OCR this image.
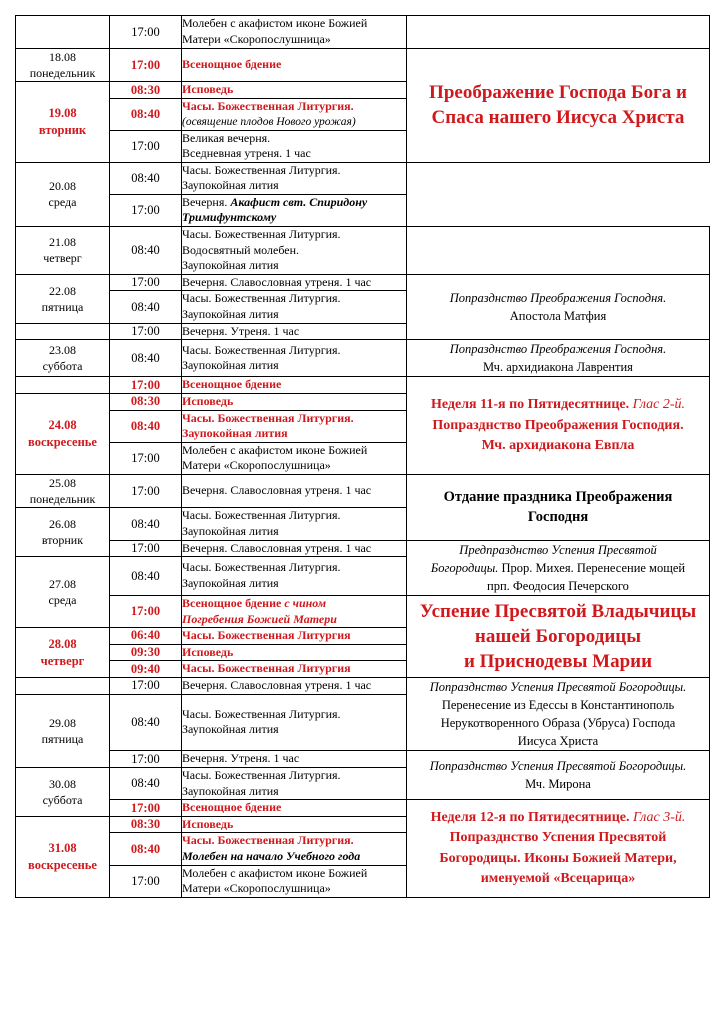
	17:00	Молебен с акафистом иконе Божией
Матери «Скоропослушница»	

18.08
понедельник	17:00	Всенощное бдение	Преображение Господа Бога и
Спаса нашего Иисуса Христа

19.08
вторник	08:30	Исповедь	
	08:40	Часы. Божественная Литургия.
(освящение плодов Нового урожая)	

	17:00	Великая вечерня.
Вседневная утреня. 1 час	

20.08
среда	08:40	Часы. Божественная Литургия.
Заупокойная лития	

	17:00	Вечерня. Акафист свт. Спиридону
Тримифунтскому	

21.08
четверг	08:40	Часы. Божественная Литургия.
Водосвятный молебен.
Заупокойная лития	

22.08
пятница	17:00	Вечерня. Славословная утреня. 1 час	Попразднство Преображения Господня.
Апостола Матфия

	08:40	Часы. Божественная Литургия.
Заупокойная лития	

	17:00	Вечерня. Утреня. 1 час	

23.08
суббота	08:40	Часы. Божественная Литургия.
Заупокойная лития	Попразднство Преображения Господня.
Мч. архидиакона Лаврентия

	17:00	Всенощное бдение	Неделя 11-я по Пятидесятнице. Глас 2-й.
Попразднство Преображения Господия.
Мч. архидиакона Евпла

24.08
воскресенье	08:30	Исповедь	
	08:40	Часы. Божественная Литургия.
Заупокойная лития	

	17:00	Молебен с акафистом иконе Божией
Матери «Скоропослушница»	

25.08
понедельник	17:00	Вечерня. Славословная утреня. 1 час	Отдание праздника Преображения
Господня

26.08
вторник	08:40	Часы. Божественная Литургия.
Заупокойная лития	

	17:00	Вечерня. Славословная утреня. 1 час	Предпразднство Успения Пресвятой
Богородицы. Прор. Михея. Перенесение мощей
прп. Феодосия Печерского

27.08
среда	08:40	Часы. Божественная Литургия.
Заупокойная лития	

	17:00	Всенощное бдение с чином
Погребения Божией Матери	Успение Пресвятой Владычицы
нашей Богородицы
и Приснодевы Марии

28.08
четверг	06:40	Часы. Божественная Литургия	
	09:30	Исповедь	
	09:40	Часы. Божественная Литургия	
	17:00	Вечерня. Славословная утреня. 1 час	Попразднство Успения Пресвятой Богородицы.
Перенесение из Едессы в Константинополь
Нерукотворенного Образа (Убруса) Господа
Иисуса Христа

29.08
пятница	08:40	Часы. Божественная Литургия.
Заупокойная лития	

	17:00	Вечерня. Утреня. 1 час	Попразднство Успения Пресвятой Богородицы.
Мч. Мирона

30.08
суббота	08:40	Часы. Божественная Литургия.
Заупокойная лития	

	17:00	Всенощное бдение	Неделя 12-я по Пятидесятнице. Глас 3-й.
Попразднство Успения Пресвятой
Богородицы. Иконы Божией Матери,
именуемой «Всецарица»

31.08
воскресенье	08:30	Исповедь	
	08:40	Часы. Божественная Литургия.
Молебен на начало Учебного года	

	17:00	Молебен с акафистом иконе Божией
Матери «Скоропослушница»	
